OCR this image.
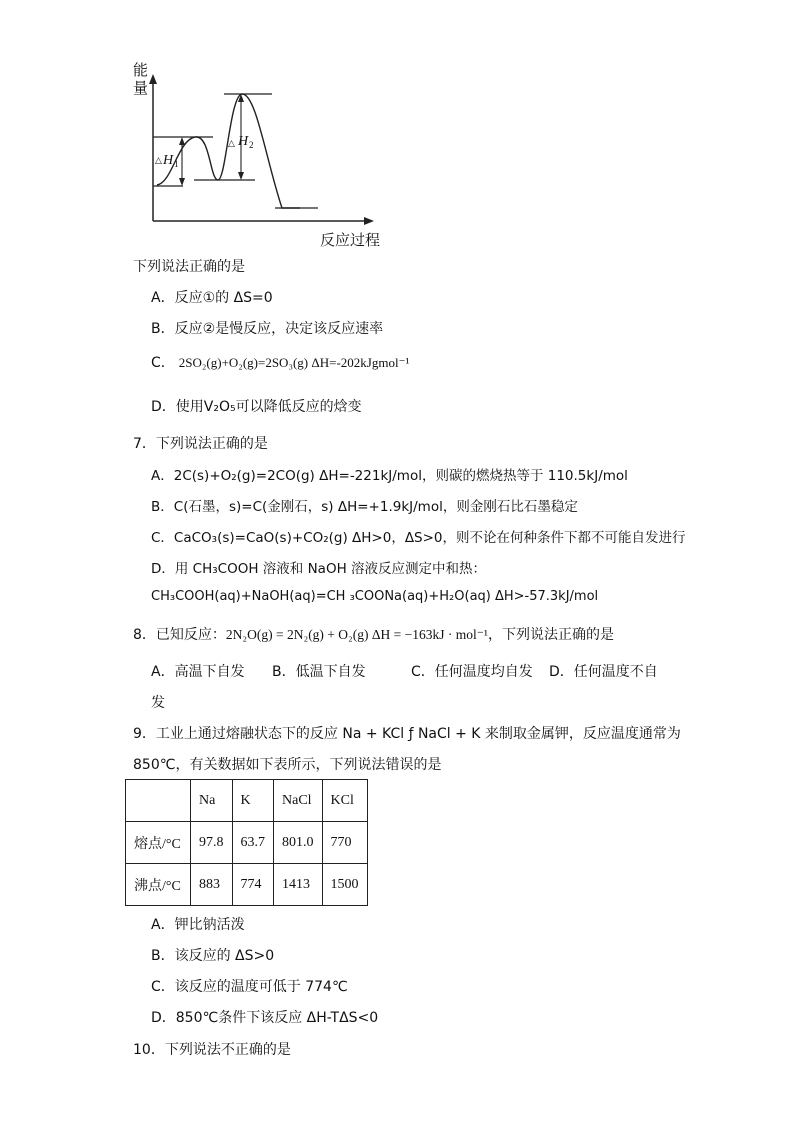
能
量
反应过程
△ H 1
△ H 2
下列说法正确的是
A．反应①的 ΔS=0
B．反应②是慢反应，决定该反应速率
C． 2SO₂(g)+O₂(g)=2SO₃(g) ΔH=-202kJgmol⁻¹
D．使用V₂O₅可以降低反应的焓变
7．下列说法正确的是
A．2C(s)+O₂(g)=2CO(g) ΔH=-221kJ/mol，则碳的燃烧热等于 110.5kJ/mol
B．C(石墨，s)=C(金刚石，s) ΔH=+1.9kJ/mol，则金刚石比石墨稳定
C．CaCO₃(s)=CaO(s)+CO₂(g) ΔH>0，ΔS>0，则不论在何种条件下都不可能自发进行
D．用 CH₃COOH 溶液和 NaOH 溶液反应测定中和热：
CH₃COOH(aq)+NaOH(aq)=CH ₃COONa(aq)+H₂O(aq) ΔH>-57.3kJ/mol
8．已知反应：2N₂O(g) = 2N₂(g) + O₂(g) ΔH = −163kJ · mol⁻¹，下列说法正确的是
A．高温下自发 B．低温下自发	C．任何温度均自发 D．任何温度不自
发
9．工业上通过熔融状态下的反应 Na + KCl ƒ NaCl + K 来制取金属钾，反应温度通常为
850℃，有关数据如下表所示，下列说法错误的是
	Na	K	NaCl	KCl
熔点/°C	97.8	63.7	801.0	770
沸点/°C	883	774	1413	1500
A．钾比钠活泼
B．该反应的 ΔS>0
C．该反应的温度可低于 774℃
D．850℃条件下该反应 ΔH-TΔS<0
10．下列说法不正确的是
